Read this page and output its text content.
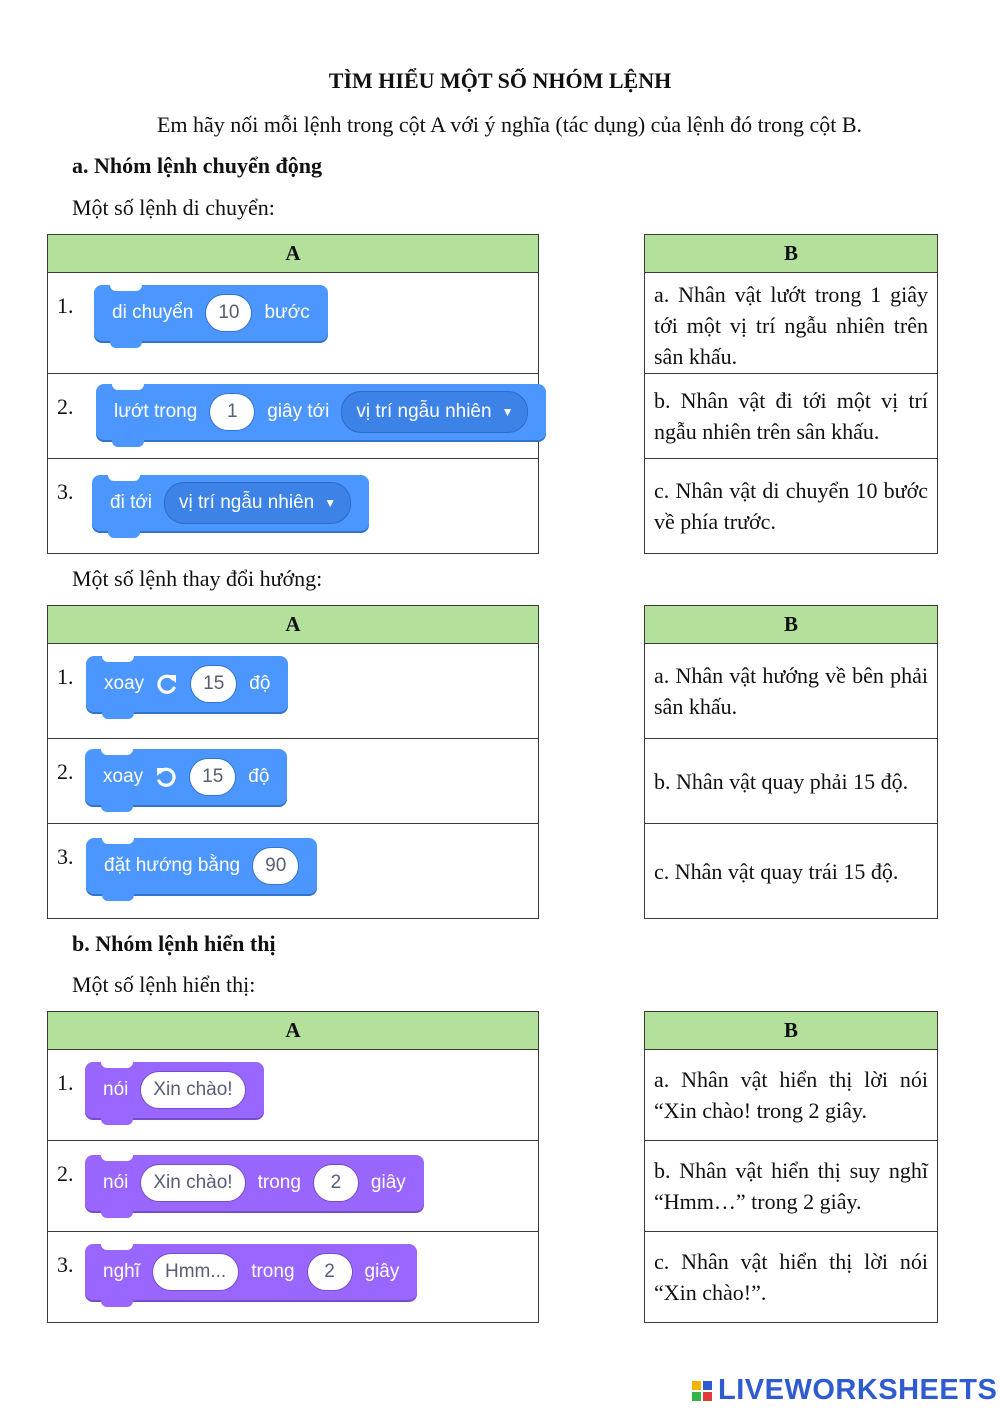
TÌM HIỂU MỘT SỐ NHÓM LỆNH
Em hãy nối mỗi lệnh trong cột A với ý nghĩa (tác dụng) của lệnh đó trong cột B.
a. Nhóm lệnh chuyển động
Một số lệnh di chuyển:
A

1. di chuyển	10	bước

2. lướt trong	1	giây tới vị trí ngẫu nhiên ▼

3. đi tới vị trí ngẫu nhiên ▼
B
a. Nhân vật lướt trong 1 giây tới một vị trí ngẫu nhiên trên sân khấu.
b. Nhân vật đi tới một vị trí ngẫu nhiên trên sân khấu.
c. Nhân vật di chuyển 10 bước về phía trước.
Một số lệnh thay đổi hướng:
A

1. xoay	15	độ

2. xoay	15	độ

3. đặt hướng bằng	90
B
a. Nhân vật hướng về bên phải sân khấu.
b. Nhân vật quay phải 15 độ.
c. Nhân vật quay trái 15 độ.
b. Nhóm lệnh hiển thị
Một số lệnh hiển thị:
A

1. nói	Xin chào!

2. nói	Xin chào!	trong	2	giây

3. nghĩ	Hmm...	trong	2	giây
B
a. Nhân vật hiển thị lời nói “Xin chào! trong 2 giây.
b. Nhân vật hiển thị suy nghĩ “Hmm…” trong 2 giây.
c. Nhân vật hiển thị lời nói “Xin chào!”.
LIVEWORKSHEETS
